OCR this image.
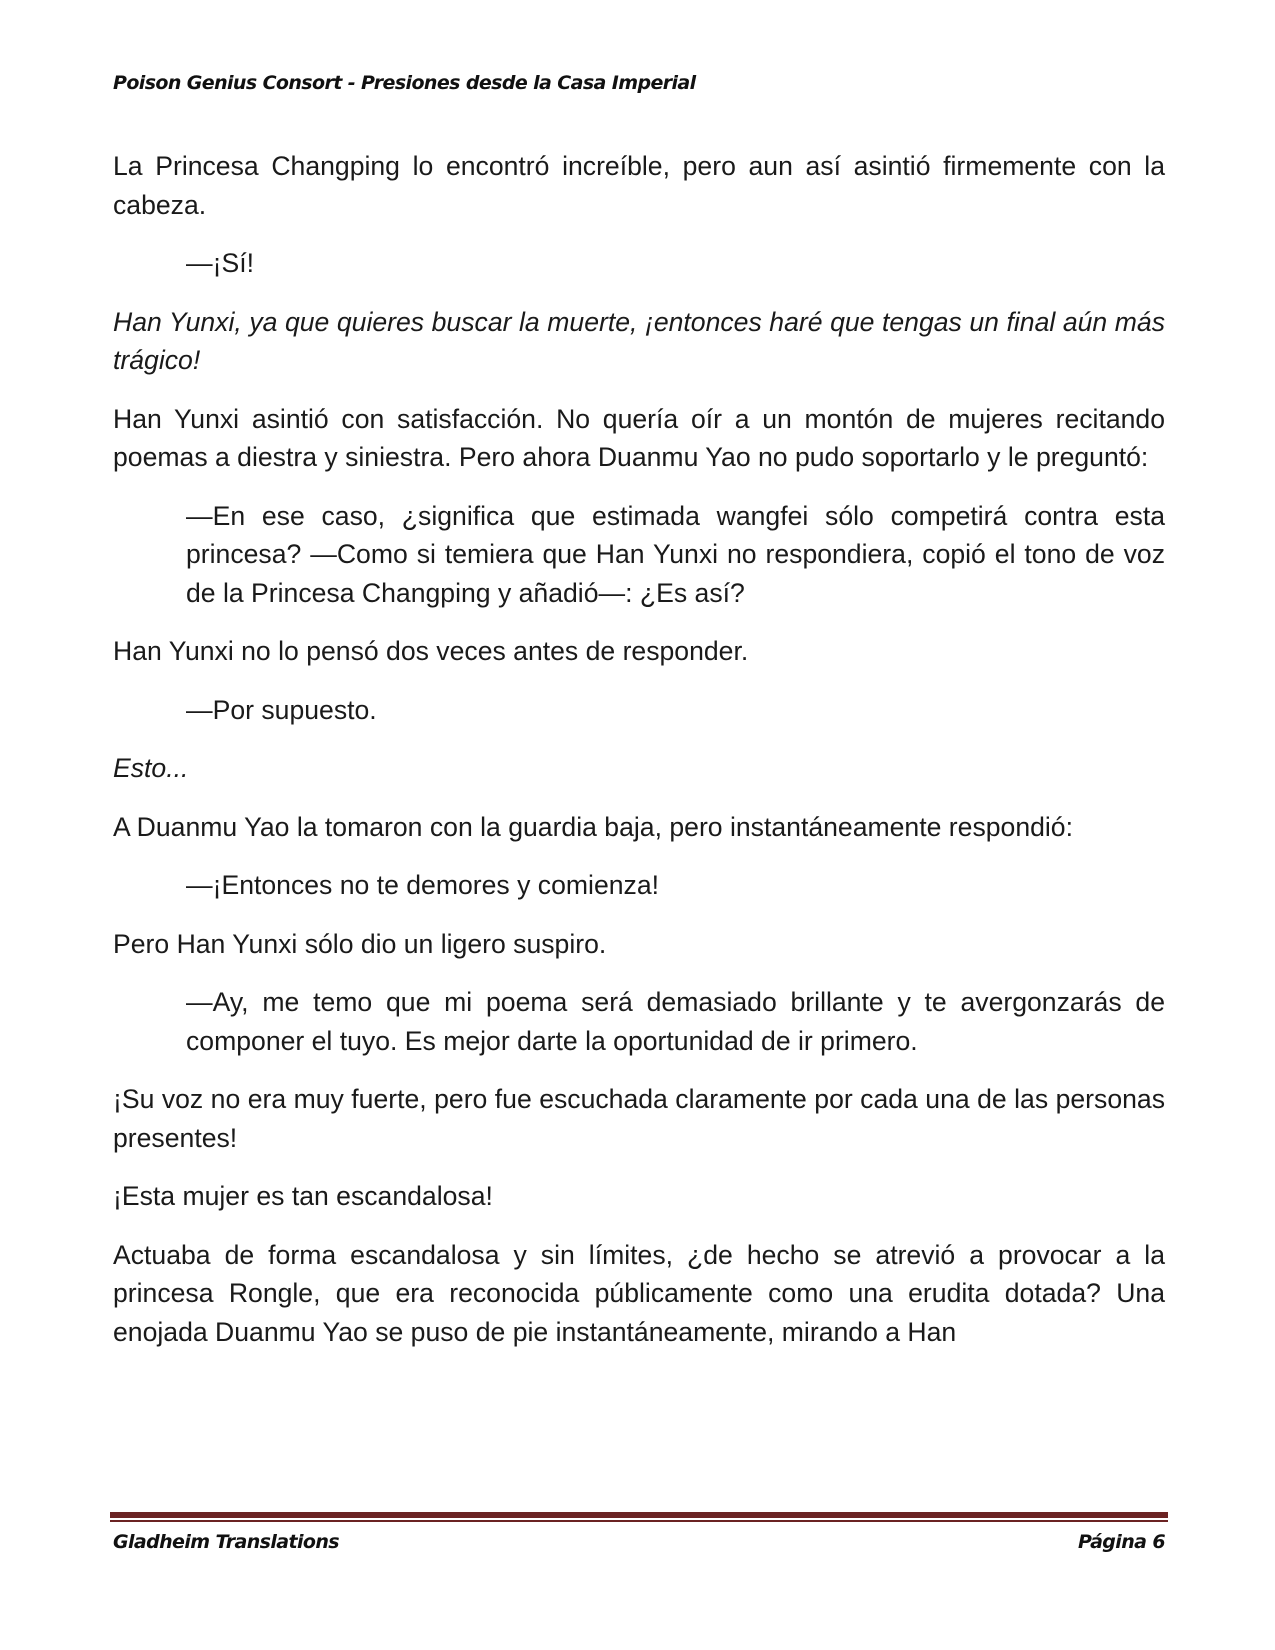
Poison Genius Consort - Presiones desde la Casa Imperial

La Princesa Changping lo encontró increíble, pero aun así asintió firmemente con la cabeza.

—¡Sí!

Han Yunxi, ya que quieres buscar la muerte, ¡entonces haré que tengas un final aún más trágico!

Han Yunxi asintió con satisfacción. No quería oír a un montón de mujeres recitando poemas a diestra y siniestra. Pero ahora Duanmu Yao no pudo soportarlo y le preguntó:

—En ese caso, ¿significa que estimada wangfei sólo competirá contra esta princesa? —Como si temiera que Han Yunxi no respondiera, copió el tono de voz de la Princesa Changping y añadió—: ¿Es así?

Han Yunxi no lo pensó dos veces antes de responder.

—Por supuesto.

Esto...

A Duanmu Yao la tomaron con la guardia baja, pero instantáneamente respondió:

—¡Entonces no te demores y comienza!

Pero Han Yunxi sólo dio un ligero suspiro.

—Ay, me temo que mi poema será demasiado brillante y te avergonzarás de componer el tuyo. Es mejor darte la oportunidad de ir primero.

¡Su voz no era muy fuerte, pero fue escuchada claramente por cada una de las personas presentes!

¡Esta mujer es tan escandalosa!

Actuaba de forma escandalosa y sin límites, ¿de hecho se atrevió a provocar a la princesa Rongle, que era reconocida públicamente como una erudita dotada? Una enojada Duanmu Yao se puso de pie instantáneamente, mirando a Han

Gladheim Translations	Página 6
